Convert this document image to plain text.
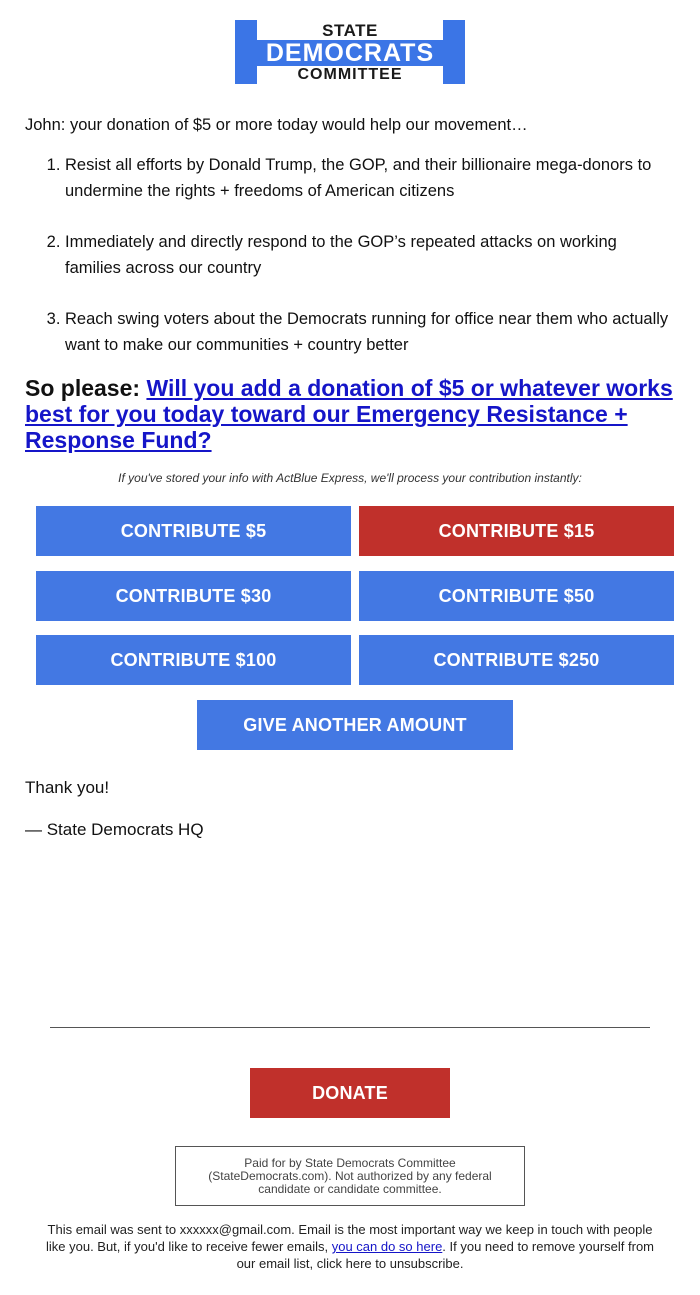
STATE
DEMOCRATS
COMMITTEE
John: your donation of $5 or more today would help our movement…
1. Resist all efforts by Donald Trump, the GOP, and their billionaire mega-donors to undermine the rights + freedoms of American citizens
2. Immediately and directly respond to the GOP’s repeated attacks on working families across our country
3. Reach swing voters about the Democrats running for office near them who actually want to make our communities + country better
So please: Will you add a donation of $5 or whatever works best for you today toward our Emergency Resistance + Response Fund?
If you've stored your info with ActBlue Express, we'll process your contribution instantly:
CONTRIBUTE $5	CONTRIBUTE $15
CONTRIBUTE $30	CONTRIBUTE $50
CONTRIBUTE $100	CONTRIBUTE $250
GIVE ANOTHER AMOUNT
Thank you!
— State Democrats HQ
DONATE
Paid for by State Democrats Committee (StateDemocrats.com). Not authorized by any federal candidate or candidate committee.
This email was sent to xxxxxx@gmail.com. Email is the most important way we keep in touch with people like you. But, if you'd like to receive fewer emails, you can do so here. If you need to remove yourself from our email list, click here to unsubscribe.
